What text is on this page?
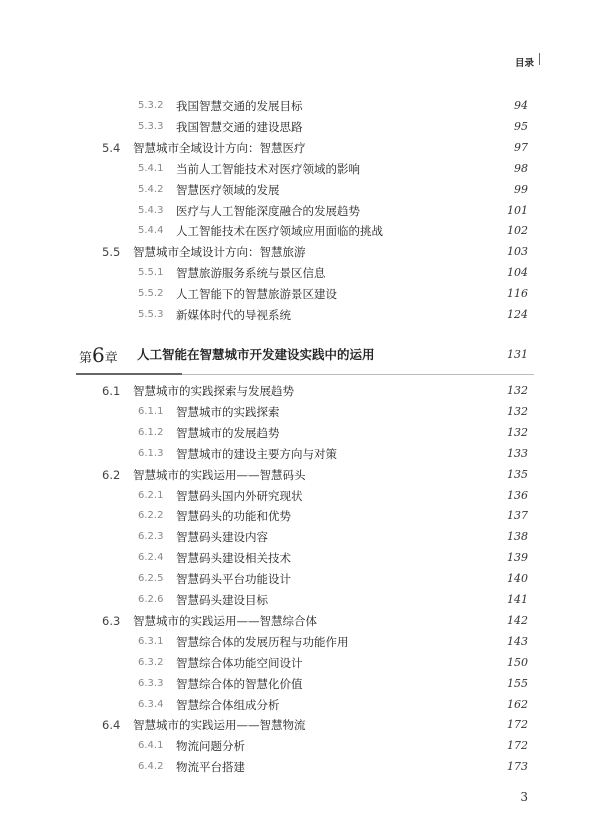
目录
5.3.2 我国智慧交通的发展目标	94
5.3.3 我国智慧交通的建设思路	95
5.4 智慧城市全域设计方向：智慧医疗	97
5.4.1 当前人工智能技术对医疗领域的影响	98
5.4.2 智慧医疗领域的发展	99
5.4.3 医疗与人工智能深度融合的发展趋势	101
5.4.4 人工智能技术在医疗领域应用面临的挑战	102
5.5 智慧城市全域设计方向：智慧旅游	103
5.5.1 智慧旅游服务系统与景区信息	104
5.5.2 人工智能下的智慧旅游景区建设	116
5.5.3 新媒体时代的导视系统	124
第6章 人工智能在智慧城市开发建设实践中的运用	131
6.1 智慧城市的实践探索与发展趋势	132
6.1.1 智慧城市的实践探索	132
6.1.2 智慧城市的发展趋势	132
6.1.3 智慧城市的建设主要方向与对策	133
6.2 智慧城市的实践运用——智慧码头	135
6.2.1 智慧码头国内外研究现状	136
6.2.2 智慧码头的功能和优势	137
6.2.3 智慧码头建设内容	138
6.2.4 智慧码头建设相关技术	139
6.2.5 智慧码头平台功能设计	140
6.2.6 智慧码头建设目标	141
6.3 智慧城市的实践运用——智慧综合体	142
6.3.1 智慧综合体的发展历程与功能作用	143
6.3.2 智慧综合体功能空间设计	150
6.3.3 智慧综合体的智慧化价值	155
6.3.4 智慧综合体组成分析	162
6.4 智慧城市的实践运用——智慧物流	172
6.4.1 物流问题分析	172
6.4.2 物流平台搭建	173
3
